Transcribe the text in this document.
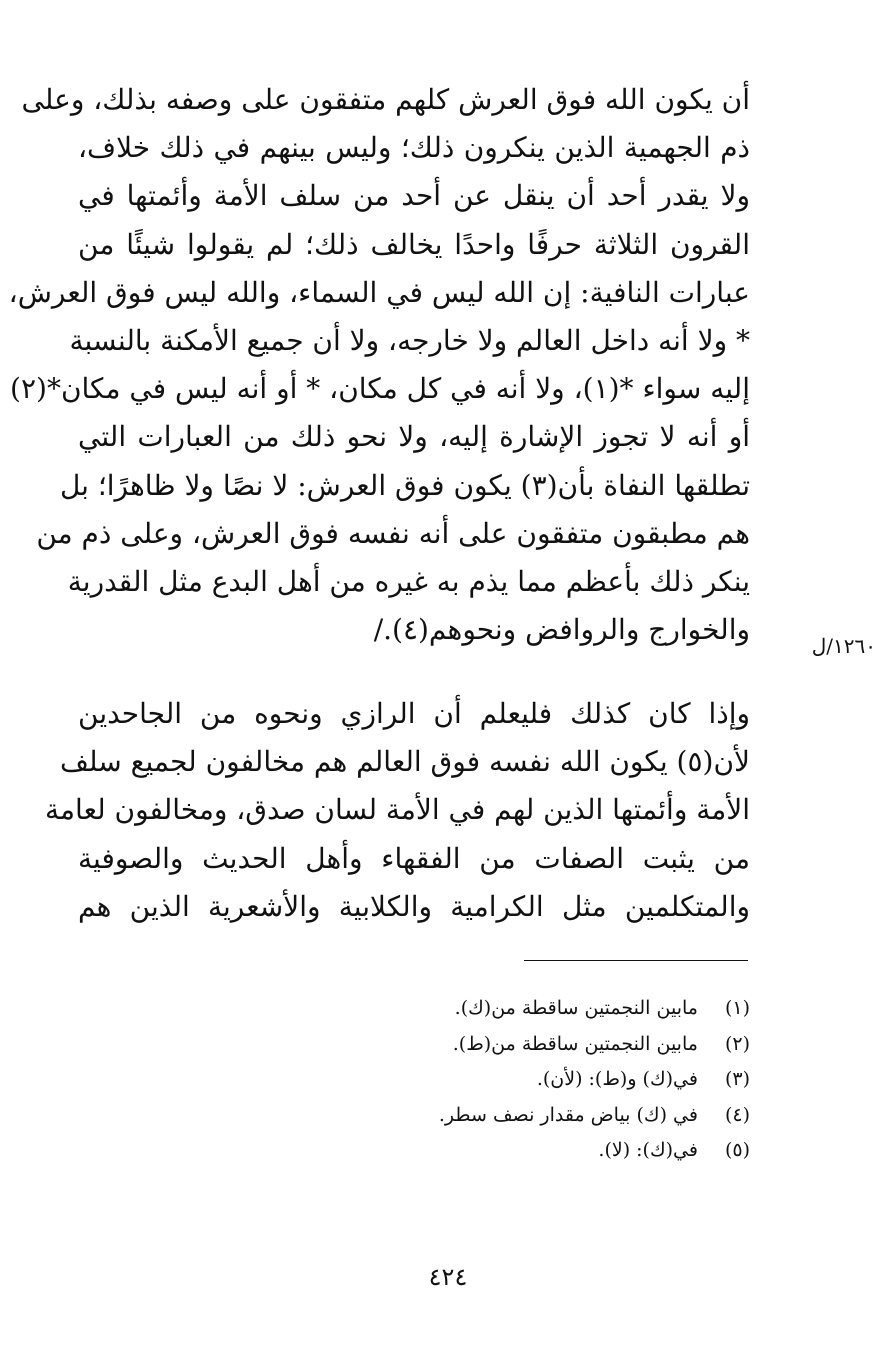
أن يكون الله فوق العرش كلهم متفقون على وصفه بذلك، وعلى
ذم الجهمية الذين ينكرون ذلك؛ وليس بينهم في ذلك خلاف،
ولا يقدر أحد أن ينقل عن أحد من سلف الأمة وأئمتها في
القرون الثلاثة حرفًا واحدًا يخالف ذلك؛ لم يقولوا شيئًا من
عبارات النافية: إن الله ليس في السماء، والله ليس فوق العرش،
* ولا أنه داخل العالم ولا خارجه، ولا أن جميع الأمكنة بالنسبة
إليه سواء *(١)، ولا أنه في كل مكان، * أو أنه ليس في مكان*(٢)
أو أنه لا تجوز الإشارة إليه، ولا نحو ذلك من العبارات التي
تطلقها النفاة بأن(٣) يكون فوق العرش: لا نصًا ولا ظاهرًا؛ بل
هم مطبقون متفقون على أنه نفسه فوق العرش، وعلى ذم من
ينكر ذلك بأعظم مما يذم به غيره من أهل البدع مثل القدرية
والخوارج والروافض ونحوهم(٤)./	١٢٦٠/ل
وإذا كان كذلك فليعلم أن الرازي ونحوه من الجاحدين
لأن(٥) يكون الله نفسه فوق العالم هم مخالفون لجميع سلف
الأمة وأئمتها الذين لهم في الأمة لسان صدق، ومخالفون لعامة
من يثبت الصفات من الفقهاء وأهل الحديث والصوفية
والمتكلمين مثل الكرامية والكلابية والأشعرية الذين هم
(١) مابين النجمتين ساقطة من(ك).
(٢) مابين النجمتين ساقطة من(ط).
(٣) في(ك) و(ط): (لأن).
(٤) في (ك) بياض مقدار نصف سطر.
(٥) في(ك): (لا).
٤٢٤
